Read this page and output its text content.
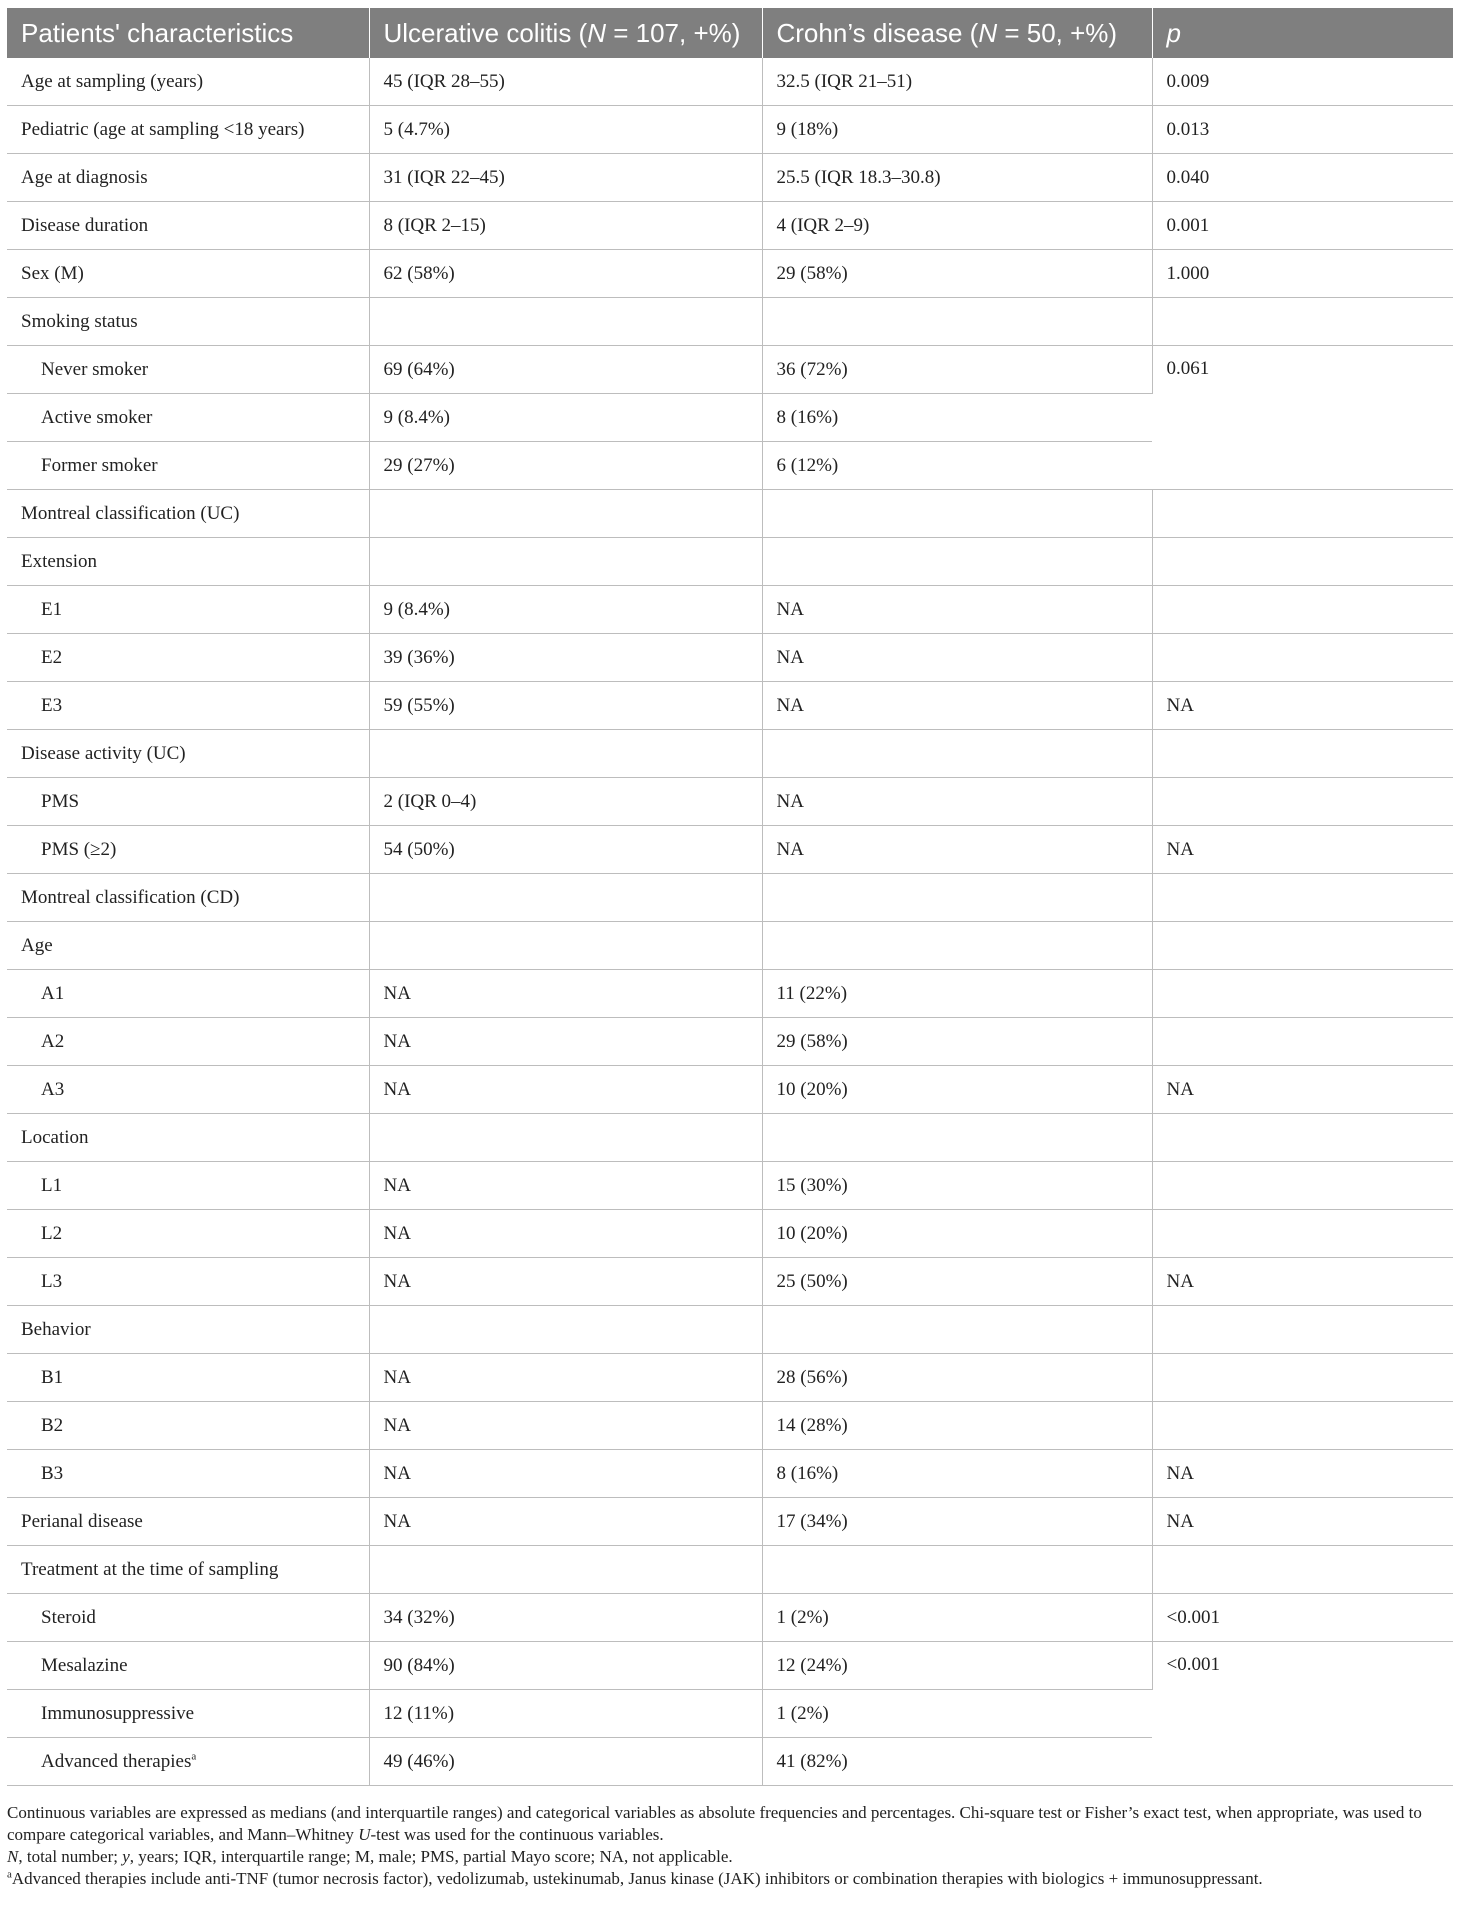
Patients' characteristics	Ulcerative colitis (N = 107, +%)	Crohn’s disease (N = 50, +%)	p
Age at sampling (years)	45 (IQR 28–55)	32.5 (IQR 21–51)	0.009
Pediatric (age at sampling <18 years)	5 (4.7%)	9 (18%)	0.013
Age at diagnosis	31 (IQR 22–45)	25.5 (IQR 18.3–30.8)	0.040
Disease duration	8 (IQR 2–15)	4 (IQR 2–9)	0.001
Sex (M)	62 (58%)	29 (58%)	1.000
Smoking status			
Never smoker	69 (64%)	36 (72%)	0.061
Active smoker	9 (8.4%)	8 (16%)	
Former smoker	29 (27%)	6 (12%)	
Montreal classification (UC)			
Extension			
E1	9 (8.4%)	NA	
E2	39 (36%)	NA	
E3	59 (55%)	NA	NA
Disease activity (UC)			
PMS	2 (IQR 0–4)	NA	
PMS (≥2)	54 (50%)	NA	NA
Montreal classification (CD)			
Age			
A1	NA	11 (22%)	
A2	NA	29 (58%)	
A3	NA	10 (20%)	NA
Location			
L1	NA	15 (30%)	
L2	NA	10 (20%)	
L3	NA	25 (50%)	NA
Behavior			
B1	NA	28 (56%)	
B2	NA	14 (28%)	
B3	NA	8 (16%)	NA
Perianal disease	NA	17 (34%)	NA
Treatment at the time of sampling			
Steroid	34 (32%)	1 (2%)	<0.001
Mesalazine	90 (84%)	12 (24%)	<0.001
Immunosuppressive	12 (11%)	1 (2%)	
Advanced therapies$^a$	49 (46%)	41 (82%)	

Continuous variables are expressed as medians (and interquartile ranges) and categorical variables as absolute frequencies and percentages. Chi-square test or Fisher’s exact test, when appropriate, was used to compare categorical variables, and Mann–Whitney U-test was used for the continuous variables.

N, total number; y, years; IQR, interquartile range; M, male; PMS, partial Mayo score; NA, not applicable.

$^a$Advanced therapies include anti-TNF (tumor necrosis factor), vedolizumab, ustekinumab, Janus kinase (JAK) inhibitors or combination therapies with biologics + immunosuppressant.
